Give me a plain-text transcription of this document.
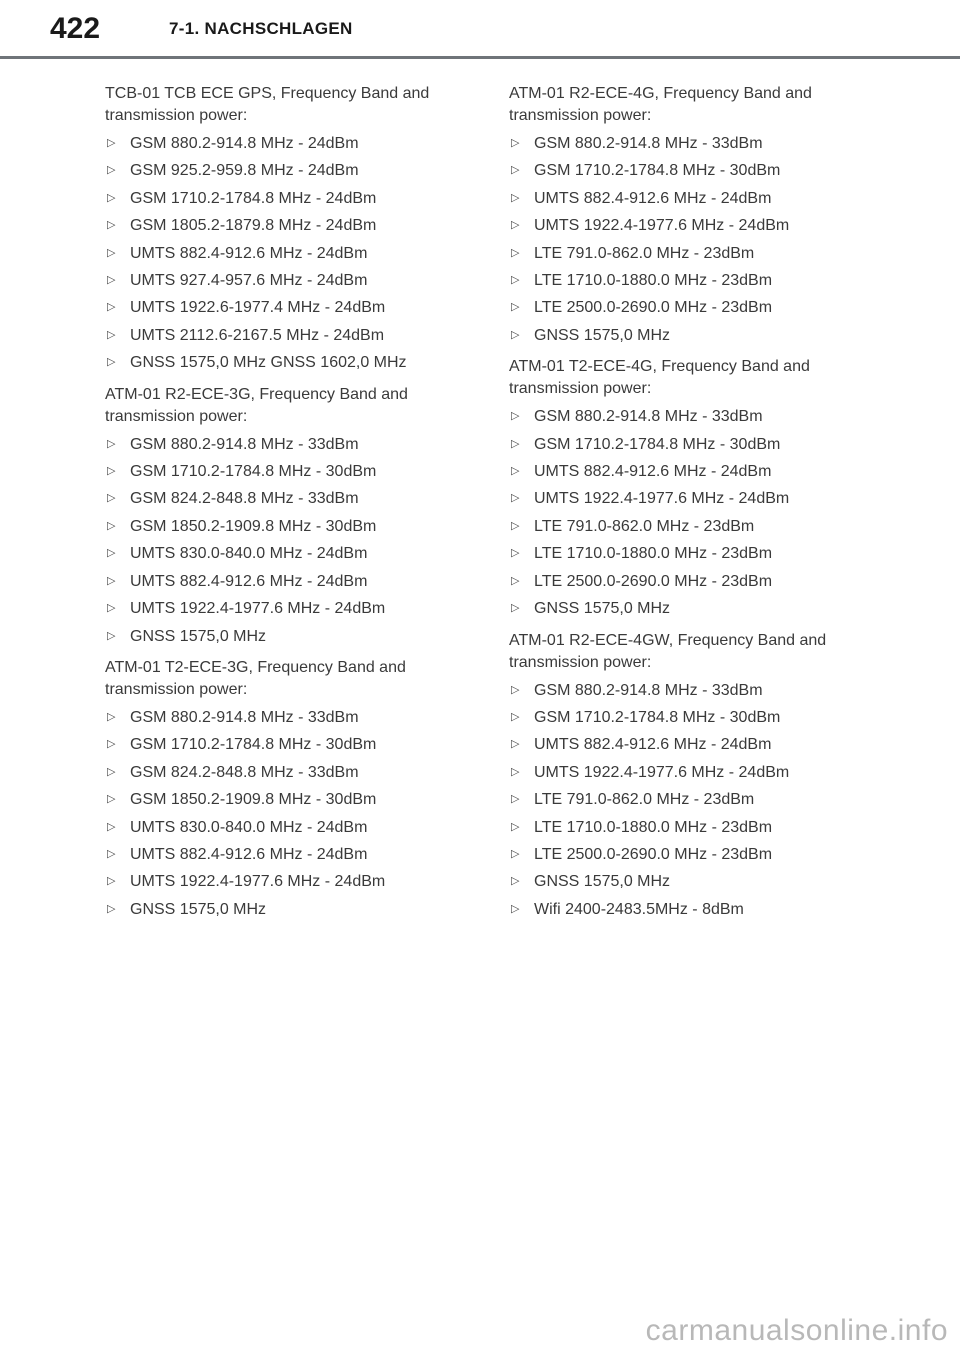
422	7-1. NACHSCHLAGEN
TCB-01 TCB ECE GPS, Frequency Band and transmission power:
▷ GSM 880.2-914.8 MHz - 24dBm
▷ GSM 925.2-959.8 MHz - 24dBm
▷ GSM 1710.2-1784.8 MHz - 24dBm
▷ GSM 1805.2-1879.8 MHz - 24dBm
▷ UMTS 882.4-912.6 MHz - 24dBm
▷ UMTS 927.4-957.6 MHz - 24dBm
▷ UMTS 1922.6-1977.4 MHz - 24dBm
▷ UMTS 2112.6-2167.5 MHz - 24dBm
▷ GNSS 1575,0 MHz GNSS 1602,0 MHz
ATM-01 R2-ECE-3G, Frequency Band and transmission power:
▷ GSM 880.2-914.8 MHz - 33dBm
▷ GSM 1710.2-1784.8 MHz - 30dBm
▷ GSM 824.2-848.8 MHz - 33dBm
▷ GSM 1850.2-1909.8 MHz - 30dBm
▷ UMTS 830.0-840.0 MHz - 24dBm
▷ UMTS 882.4-912.6 MHz - 24dBm
▷ UMTS 1922.4-1977.6 MHz - 24dBm
▷ GNSS 1575,0 MHz
ATM-01 T2-ECE-3G, Frequency Band and transmission power:
▷ GSM 880.2-914.8 MHz - 33dBm
▷ GSM 1710.2-1784.8 MHz - 30dBm
▷ GSM 824.2-848.8 MHz - 33dBm
▷ GSM 1850.2-1909.8 MHz - 30dBm
▷ UMTS 830.0-840.0 MHz - 24dBm
▷ UMTS 882.4-912.6 MHz - 24dBm
▷ UMTS 1922.4-1977.6 MHz - 24dBm
▷ GNSS 1575,0 MHz
ATM-01 R2-ECE-4G, Frequency Band and transmission power:
▷ GSM 880.2-914.8 MHz - 33dBm
▷ GSM 1710.2-1784.8 MHz - 30dBm
▷ UMTS 882.4-912.6 MHz - 24dBm
▷ UMTS 1922.4-1977.6 MHz - 24dBm
▷ LTE 791.0-862.0 MHz - 23dBm
▷ LTE 1710.0-1880.0 MHz - 23dBm
▷ LTE 2500.0-2690.0 MHz - 23dBm
▷ GNSS 1575,0 MHz
ATM-01 T2-ECE-4G, Frequency Band and transmission power:
▷ GSM 880.2-914.8 MHz - 33dBm
▷ GSM 1710.2-1784.8 MHz - 30dBm
▷ UMTS 882.4-912.6 MHz - 24dBm
▷ UMTS 1922.4-1977.6 MHz - 24dBm
▷ LTE 791.0-862.0 MHz - 23dBm
▷ LTE 1710.0-1880.0 MHz - 23dBm
▷ LTE 2500.0-2690.0 MHz - 23dBm
▷ GNSS 1575,0 MHz
ATM-01 R2-ECE-4GW, Frequency Band and transmission power:
▷ GSM 880.2-914.8 MHz - 33dBm
▷ GSM 1710.2-1784.8 MHz - 30dBm
▷ UMTS 882.4-912.6 MHz - 24dBm
▷ UMTS 1922.4-1977.6 MHz - 24dBm
▷ LTE 791.0-862.0 MHz - 23dBm
▷ LTE 1710.0-1880.0 MHz - 23dBm
▷ LTE 2500.0-2690.0 MHz - 23dBm
▷ GNSS 1575,0 MHz
▷ Wifi 2400-2483.5MHz - 8dBm
carmanualsonline.info
